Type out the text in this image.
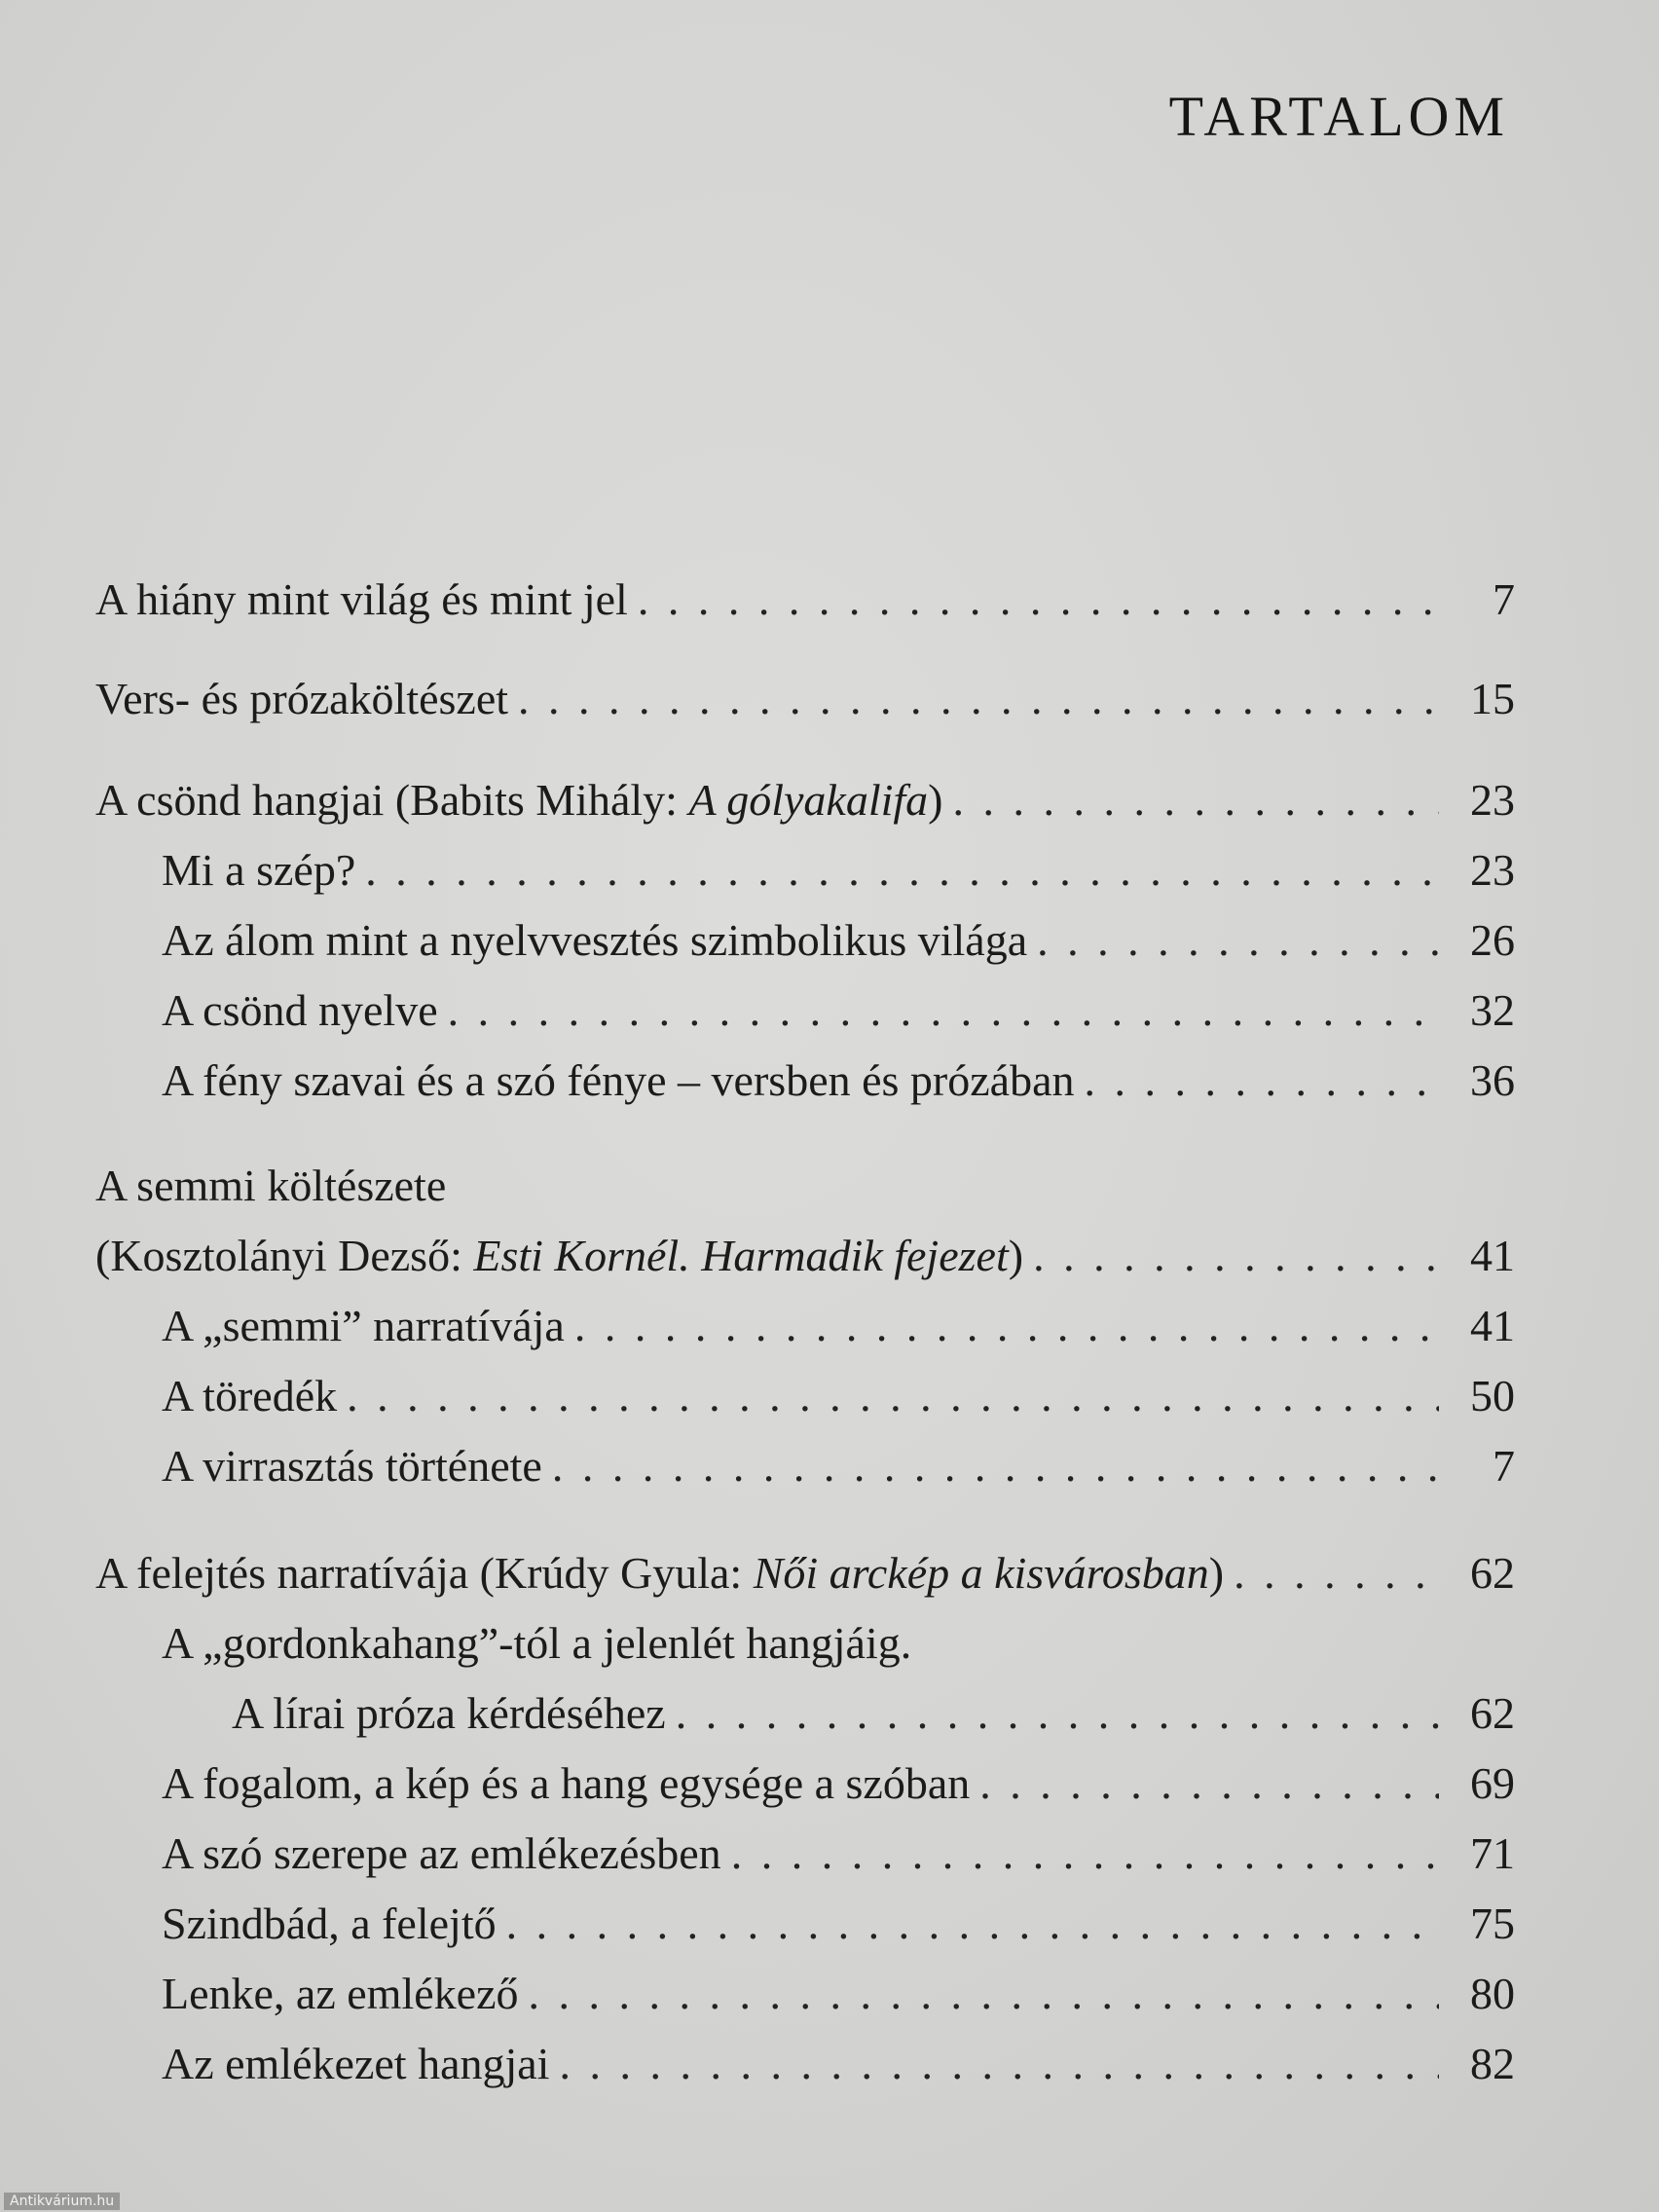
TARTALOM
A hiány mint világ és mint jel . . .	7
Vers- és prózaköltészet . . .	15
A csönd hangjai (Babits Mihály: A gólyakalifa) . . .	23
Mi a szép? . . .	23
Az álom mint a nyelvvesztés szimbolikus világa . . .	26
A csönd nyelve . . .	32
A fény szavai és a szó fénye – versben és prózában . . .	36
A semmi költészete
(Kosztolányi Dezső: Esti Kornél. Harmadik fejezet) . . .	41
A „semmi” narratívája . . .	41
A töredék . . .	50
A virrasztás története . . .	7
A felejtés narratívája (Krúdy Gyula: Női arckép a kisvárosban) . . .	62
A „gordonkahang”-tól a jelenlét hangjáig.
A lírai próza kérdéséhez . . .	62
A fogalom, a kép és a hang egysége a szóban . . .	69
A szó szerepe az emlékezésben . . .	71
Szindbád, a felejtő . . .	75
Lenke, az emlékező . . .	80
Az emlékezet hangjai . . .	82
Antikvárium.hu
